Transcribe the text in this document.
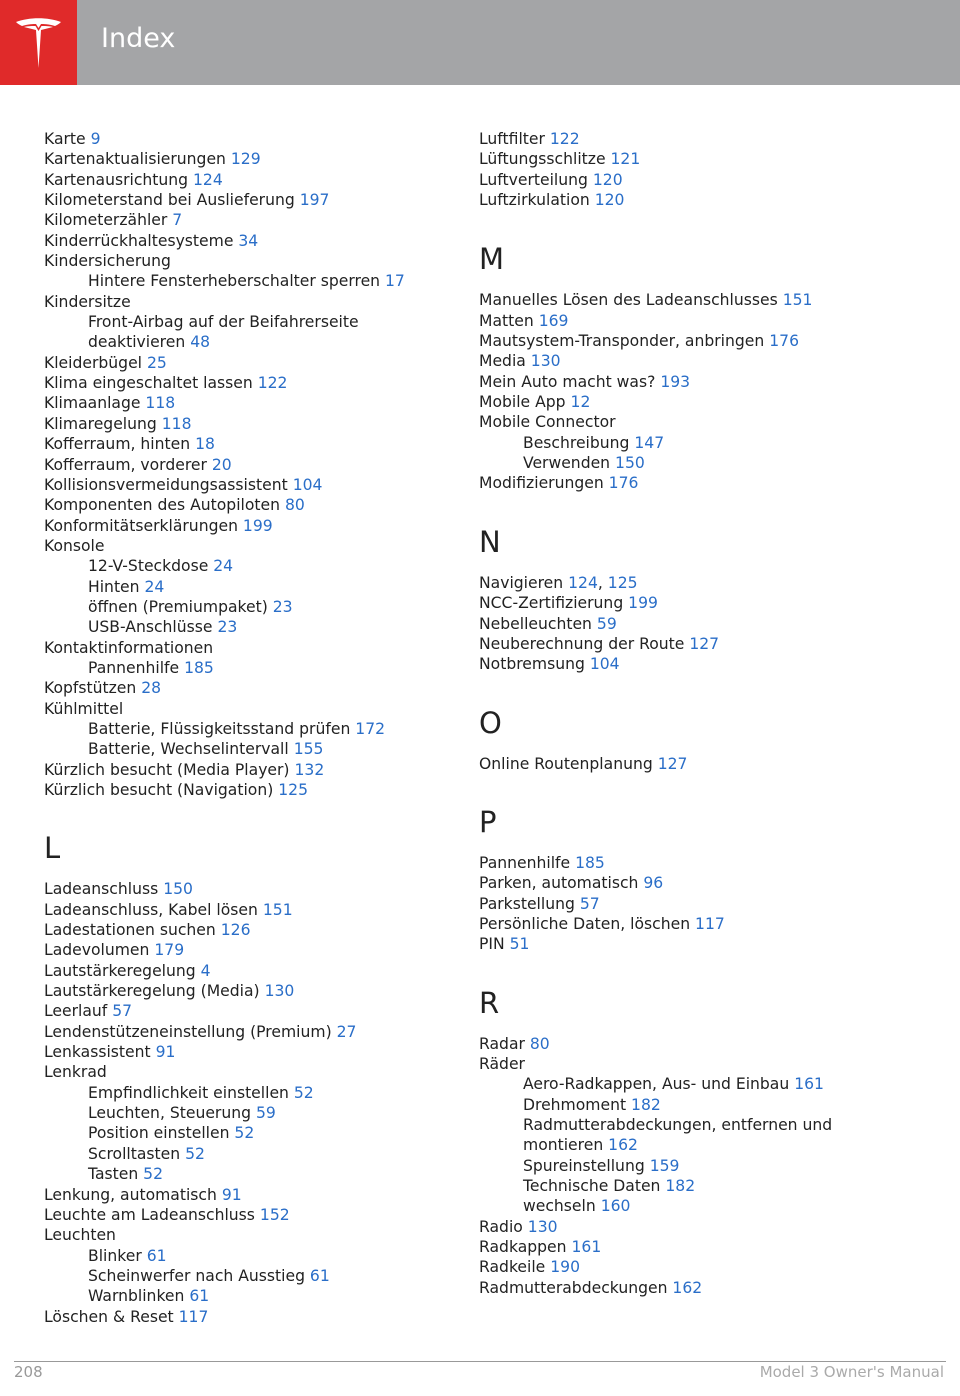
Index
Karte 9
Kartenaktualisierungen 129
Kartenausrichtung 124
Kilometerstand bei Auslieferung 197
Kilometerzähler 7
Kinderrückhaltesysteme 34
Kindersicherung
Hintere Fensterheberschalter sperren 17
Kindersitze
Front-Airbag auf der Beifahrerseite
deaktivieren 48
Kleiderbügel 25
Klima eingeschaltet lassen 122
Klimaanlage 118
Klimaregelung 118
Kofferraum, hinten 18
Kofferraum, vorderer 20
Kollisionsvermeidungsassistent 104
Komponenten des Autopiloten 80
Konformitätserklärungen 199
Konsole
12-V-Steckdose 24
Hinten 24
öffnen (Premiumpaket) 23
USB-Anschlüsse 23
Kontaktinformationen
Pannenhilfe 185
Kopfstützen 28
Kühlmittel
Batterie, Flüssigkeitsstand prüfen 172
Batterie, Wechselintervall 155
Kürzlich besucht (Media Player) 132
Kürzlich besucht (Navigation) 125
L
Ladeanschluss 150
Ladeanschluss, Kabel lösen 151
Ladestationen suchen 126
Ladevolumen 179
Lautstärkeregelung 4
Lautstärkeregelung (Media) 130
Leerlauf 57
Lendenstützeneinstellung (Premium) 27
Lenkassistent 91
Lenkrad
Empfindlichkeit einstellen 52
Leuchten, Steuerung 59
Position einstellen 52
Scrolltasten 52
Tasten 52
Lenkung, automatisch 91
Leuchte am Ladeanschluss 152
Leuchten
Blinker 61
Scheinwerfer nach Ausstieg 61
Warnblinken 61
Löschen & Reset 117
Luftfilter 122
Lüftungsschlitze 121
Luftverteilung 120
Luftzirkulation 120
M
Manuelles Lösen des Ladeanschlusses 151
Matten 169
Mautsystem-Transponder, anbringen 176
Media 130
Mein Auto macht was? 193
Mobile App 12
Mobile Connector
Beschreibung 147
Verwenden 150
Modifizierungen 176
N
Navigieren 124, 125
NCC-Zertifizierung 199
Nebelleuchten 59
Neuberechnung der Route 127
Notbremsung 104
O
Online Routenplanung 127
P
Pannenhilfe 185
Parken, automatisch 96
Parkstellung 57
Persönliche Daten, löschen 117
PIN 51
R
Radar 80
Räder
Aero-Radkappen, Aus- und Einbau 161
Drehmoment 182
Radmutterabdeckungen, entfernen und
montieren 162
Spureinstellung 159
Technische Daten 182
wechseln 160
Radio 130
Radkappen 161
Radkeile 190
Radmutterabdeckungen 162
208	Model 3 Owner's Manual
